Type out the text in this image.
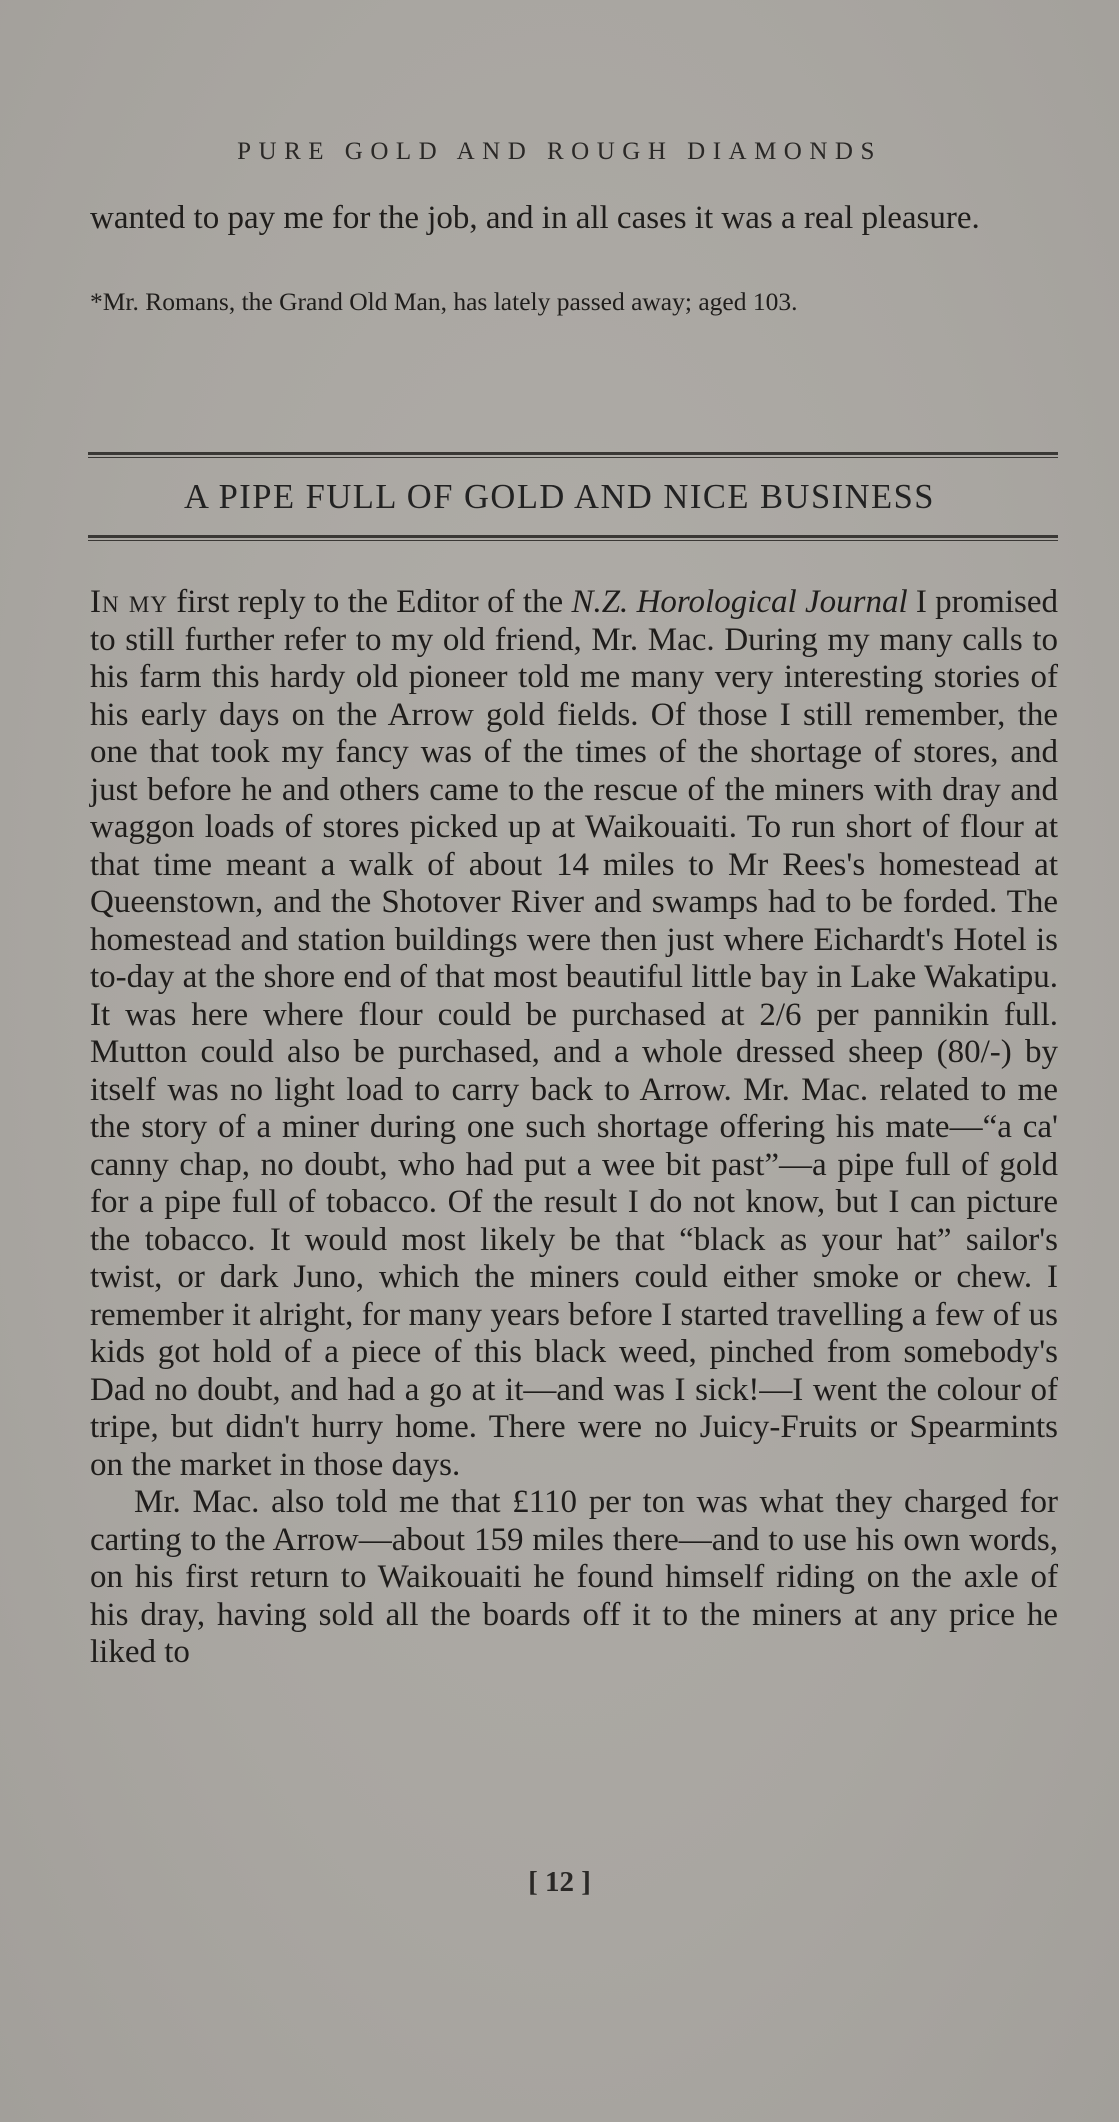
PURE GOLD AND ROUGH DIAMONDS
wanted to pay me for the job, and in all cases it was a real pleasure.
*Mr. Romans, the Grand Old Man, has lately passed away; aged 103.
A PIPE FULL OF GOLD AND NICE BUSINESS

In my first reply to the Editor of the N.Z. Horological Journal I promised to still further refer to my old friend, Mr. Mac. During my many calls to his farm this hardy old pioneer told me many very interesting stories of his early days on the Arrow gold fields. Of those I still remember, the one that took my fancy was of the times of the shortage of stores, and just before he and others came to the rescue of the miners with dray and waggon loads of stores picked up at Waikouaiti. To run short of flour at that time meant a walk of about 14 miles to Mr Rees's homestead at Queenstown, and the Shotover River and swamps had to be forded. The homestead and station buildings were then just where Eichardt's Hotel is to-day at the shore end of that most beautiful little bay in Lake Wakatipu. It was here where flour could be purchased at 2/6 per pannikin full. Mutton could also be purchased, and a whole dressed sheep (80/-) by itself was no light load to carry back to Arrow. Mr. Mac. related to me the story of a miner during one such shortage offering his mate—“a ca' canny chap, no doubt, who had put a wee bit past”—a pipe full of gold for a pipe full of tobacco. Of the result I do not know, but I can picture the tobacco. It would most likely be that “black as your hat” sailor's twist, or dark Juno, which the miners could either smoke or chew. I remember it alright, for many years before I started travelling a few of us kids got hold of a piece of this black weed, pinched from somebody's Dad no doubt, and had a go at it—and was I sick!—I went the colour of tripe, but didn't hurry home. There were no Juicy-Fruits or Spearmints on the market in those days.

Mr. Mac. also told me that £110 per ton was what they charged for carting to the Arrow—about 159 miles there—and to use his own words, on his first return to Waikouaiti he found himself riding on the axle of his dray, having sold all the boards off it to the miners at any price he liked to

[ 12 ]
